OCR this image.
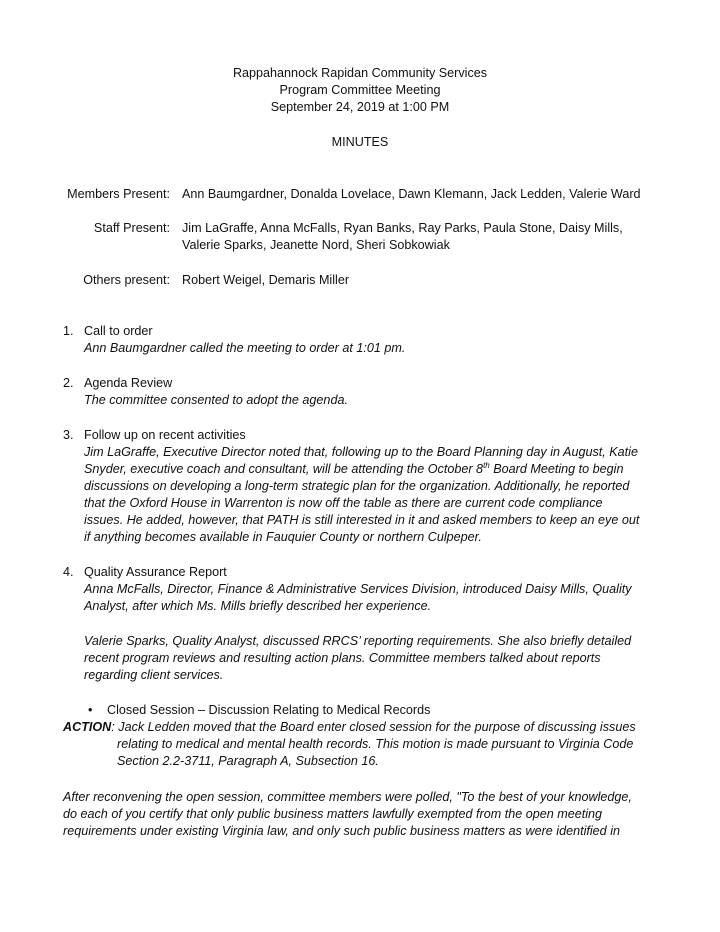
Rappahannock Rapidan Community Services
Program Committee Meeting
September 24, 2019 at 1:00 PM
MINUTES
Members Present: Ann Baumgardner, Donalda Lovelace, Dawn Klemann, Jack Ledden, Valerie Ward
Staff Present: Jim LaGraffe, Anna McFalls, Ryan Banks, Ray Parks, Paula Stone, Daisy Mills,
Valerie Sparks, Jeanette Nord, Sheri Sobkowiak
Others present: Robert Weigel, Demaris Miller
1. Call to order
Ann Baumgardner called the meeting to order at 1:01 pm.
2. Agenda Review
The committee consented to adopt the agenda.
3. Follow up on recent activities
Jim LaGraffe, Executive Director noted that, following up to the Board Planning day in August, Katie
Snyder, executive coach and consultant, will be attending the October 8th Board Meeting to begin
discussions on developing a long-term strategic plan for the organization. Additionally, he reported
that the Oxford House in Warrenton is now off the table as there are current code compliance
issues. He added, however, that PATH is still interested in it and asked members to keep an eye out
if anything becomes available in Fauquier County or northern Culpeper.
4. Quality Assurance Report
Anna McFalls, Director, Finance & Administrative Services Division, introduced Daisy Mills, Quality
Analyst, after which Ms. Mills briefly described her experience.
Valerie Sparks, Quality Analyst, discussed RRCS’ reporting requirements. She also briefly detailed
recent program reviews and resulting action plans. Committee members talked about reports
regarding client services.
• Closed Session – Discussion Relating to Medical Records
ACTION: Jack Ledden moved that the Board enter closed session for the purpose of discussing issues
relating to medical and mental health records. This motion is made pursuant to Virginia Code
Section 2.2-3711, Paragraph A, Subsection 16.
After reconvening the open session, committee members were polled, "To the best of your knowledge,
do each of you certify that only public business matters lawfully exempted from the open meeting
requirements under existing Virginia law, and only such public business matters as were identified in
